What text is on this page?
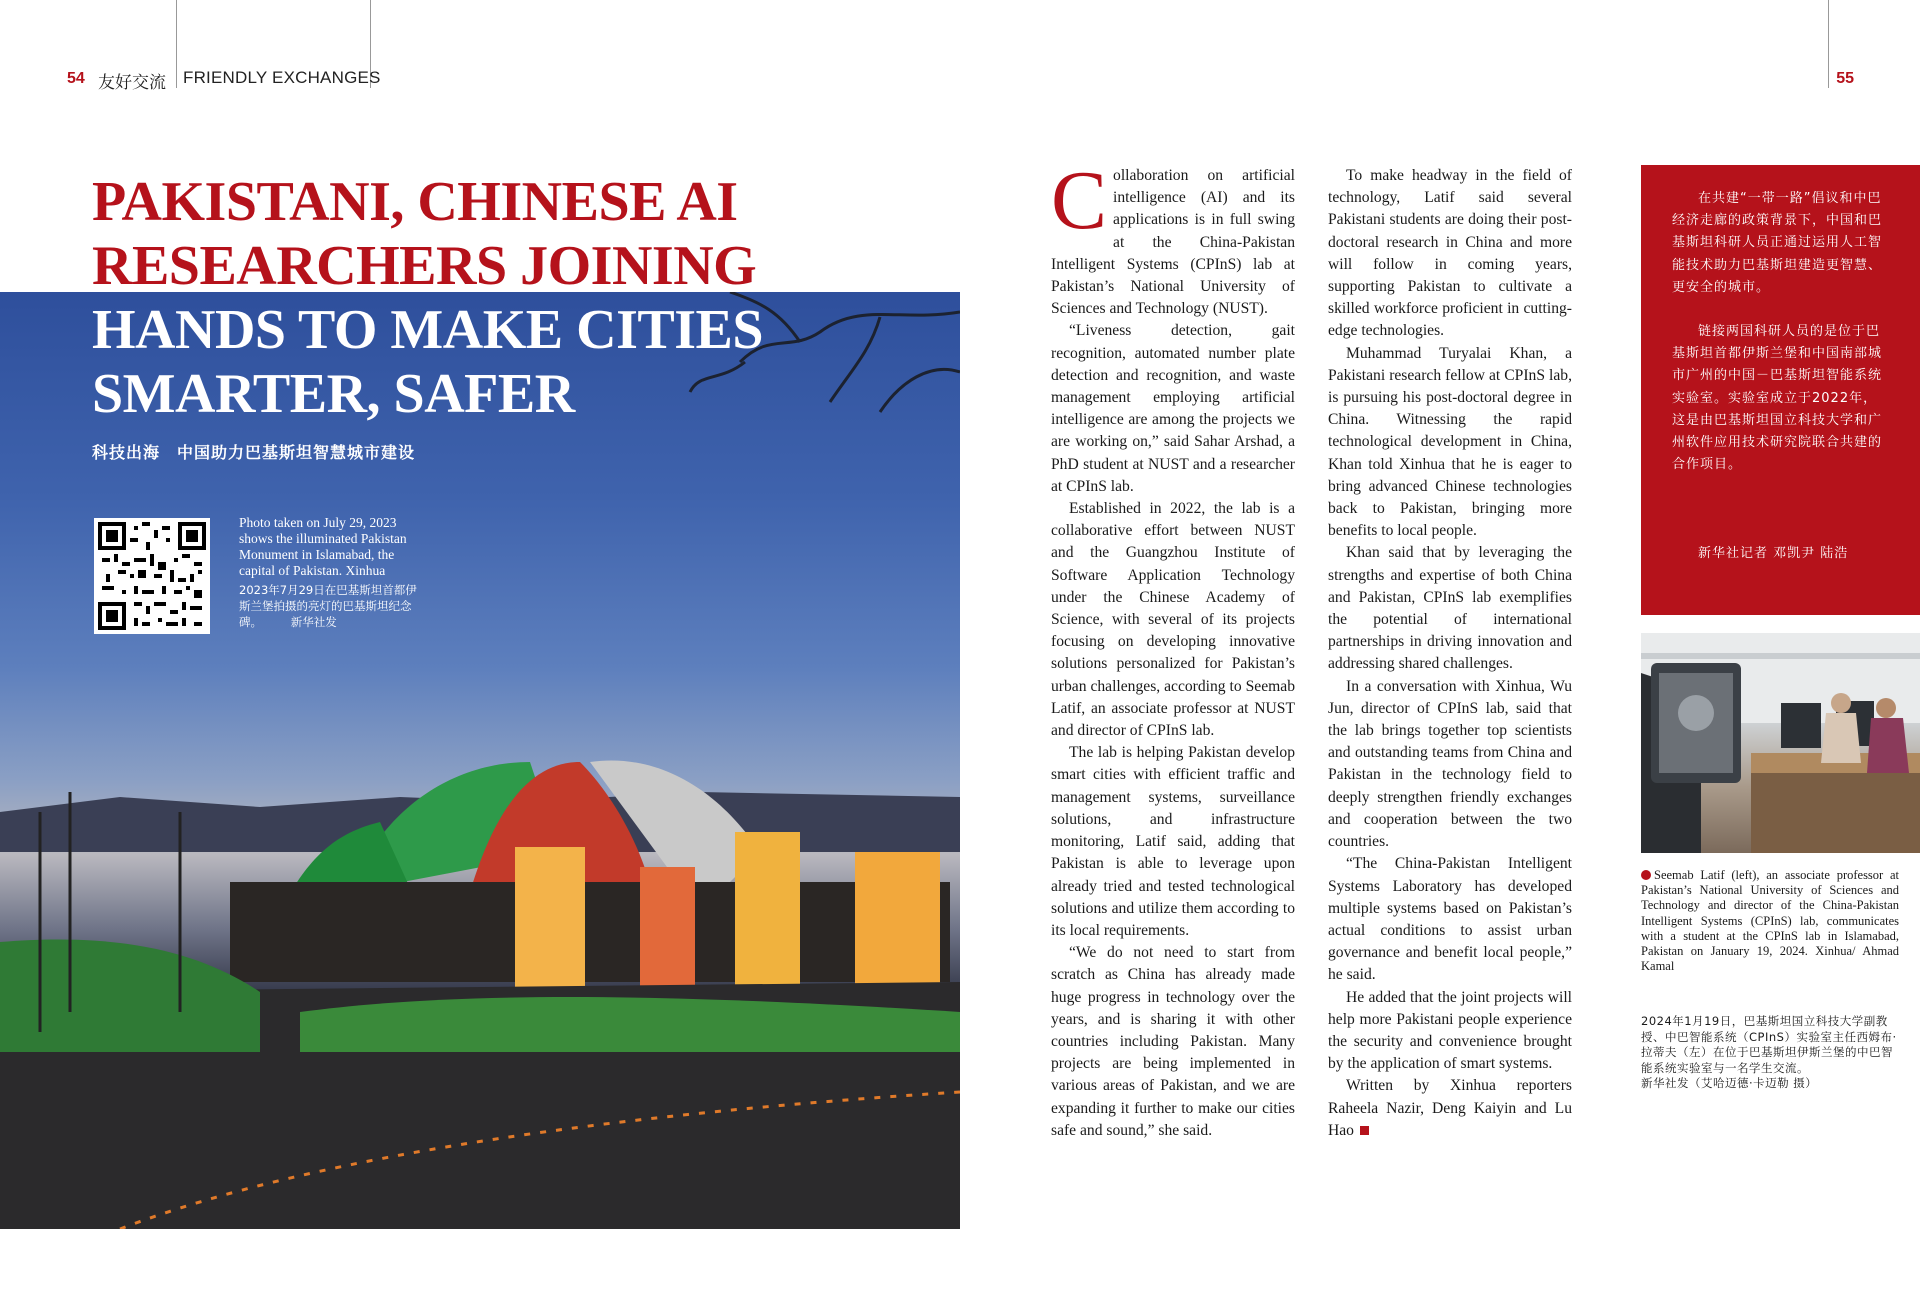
54 友好交流 FRIENDLY EXCHANGES	55
PAKISTANI, CHINESE AI
RESEARCHERS JOINING
HANDS TO MAKE CITIES
SMARTER, SAFER
科技出海　中国助力巴基斯坦智慧城市建设
Photo taken on July 29, 2023 shows the illuminated Pakistan Monument in Islamabad, the capital of Pakistan. Xinhua
2023年7月29日在巴基斯坦首都伊斯兰堡拍摄的亮灯的巴基斯坦纪念碑。　　　新华社发

Collaboration on artificial intelligence (AI) and its applications is in full swing at the China-Pakistan Intelligent Systems (CPInS) lab at Pakistan’s National University of Sciences and Technology (NUST).

“Liveness detection, gait recognition, automated number plate detection and recognition, and waste management employing artificial intelligence are among the projects we are working on,” said Sahar Arshad, a PhD student at NUST and a researcher at CPInS lab.

Established in 2022, the lab is a collaborative effort between NUST and the Guangzhou Institute of Software Application Technology under the Chinese Academy of Science, with several of its projects focusing on developing innovative solutions personalized for Pakistan’s urban challenges, according to Seemab Latif, an associate professor at NUST and director of CPInS lab.

The lab is helping Pakistan develop smart cities with efficient traffic and management systems, surveillance solutions, and infrastructure monitoring, Latif said, adding that Pakistan is able to leverage upon already tried and tested technological solutions and utilize them according to its local requirements.

“We do not need to start from scratch as China has already made huge progress in technology over the years, and is sharing it with other countries including Pakistan. Many projects are being implemented in various areas of Pakistan, and we are expanding it further to make our cities safe and sound,” she said.

To make headway in the field of technology, Latif said several Pakistani students are doing their post-doctoral research in China and more will follow in coming years, supporting Pakistan to cultivate a skilled workforce proficient in cutting-edge technologies.

Muhammad Turyalai Khan, a Pakistani research fellow at CPInS lab, is pursuing his post-doctoral degree in China. Witnessing the rapid technological development in China, Khan told Xinhua that he is eager to bring advanced Chinese technologies back to Pakistan, bringing more benefits to local people.

Khan said that by leveraging the strengths and expertise of both China and Pakistan, CPInS lab exemplifies the potential of international partnerships in driving innovation and addressing shared challenges.

In a conversation with Xinhua, Wu Jun, director of CPInS lab, said that the lab brings together top scientists and outstanding teams from China and Pakistan in the technology field to deeply strengthen friendly exchanges and cooperation between the two countries.

“The China-Pakistan Intelligent Systems Laboratory has developed multiple systems based on Pakistan’s actual conditions to assist urban governance and benefit local people,” he said.

He added that the joint projects will help more Pakistani people experience the security and convenience brought by the application of smart systems.

Written by Xinhua reporters Raheela Nazir, Deng Kaiyin and Lu Hao

在共建“一带一路”倡议和中巴经济走廊的政策背景下，中国和巴基斯坦科研人员正通过运用人工智能技术助力巴基斯坦建造更智慧、更安全的城市。

链接两国科研人员的是位于巴基斯坦首都伊斯兰堡和中国南部城市广州的中国－巴基斯坦智能系统实验室。实验室成立于2022年，这是由巴基斯坦国立科技大学和广州软件应用技术研究院联合共建的合作项目。

新华社记者 邓凯尹 陆浩

Seemab Latif (left), an associate professor at Pakistan’s National University of Sciences and Technology and director of the China-Pakistan Intelligent Systems (CPInS) lab, communicates with a student at the CPInS lab in Islamabad, Pakistan on January 19, 2024. Xinhua/ Ahmad Kamal
2024年1月19日，巴基斯坦国立科技大学副教授、中巴智能系统（CPInS）实验室主任西姆布·拉蒂夫（左）在位于巴基斯坦伊斯兰堡的中巴智能系统实验室与一名学生交流。
新华社发（艾哈迈德·卡迈勒 摄）
